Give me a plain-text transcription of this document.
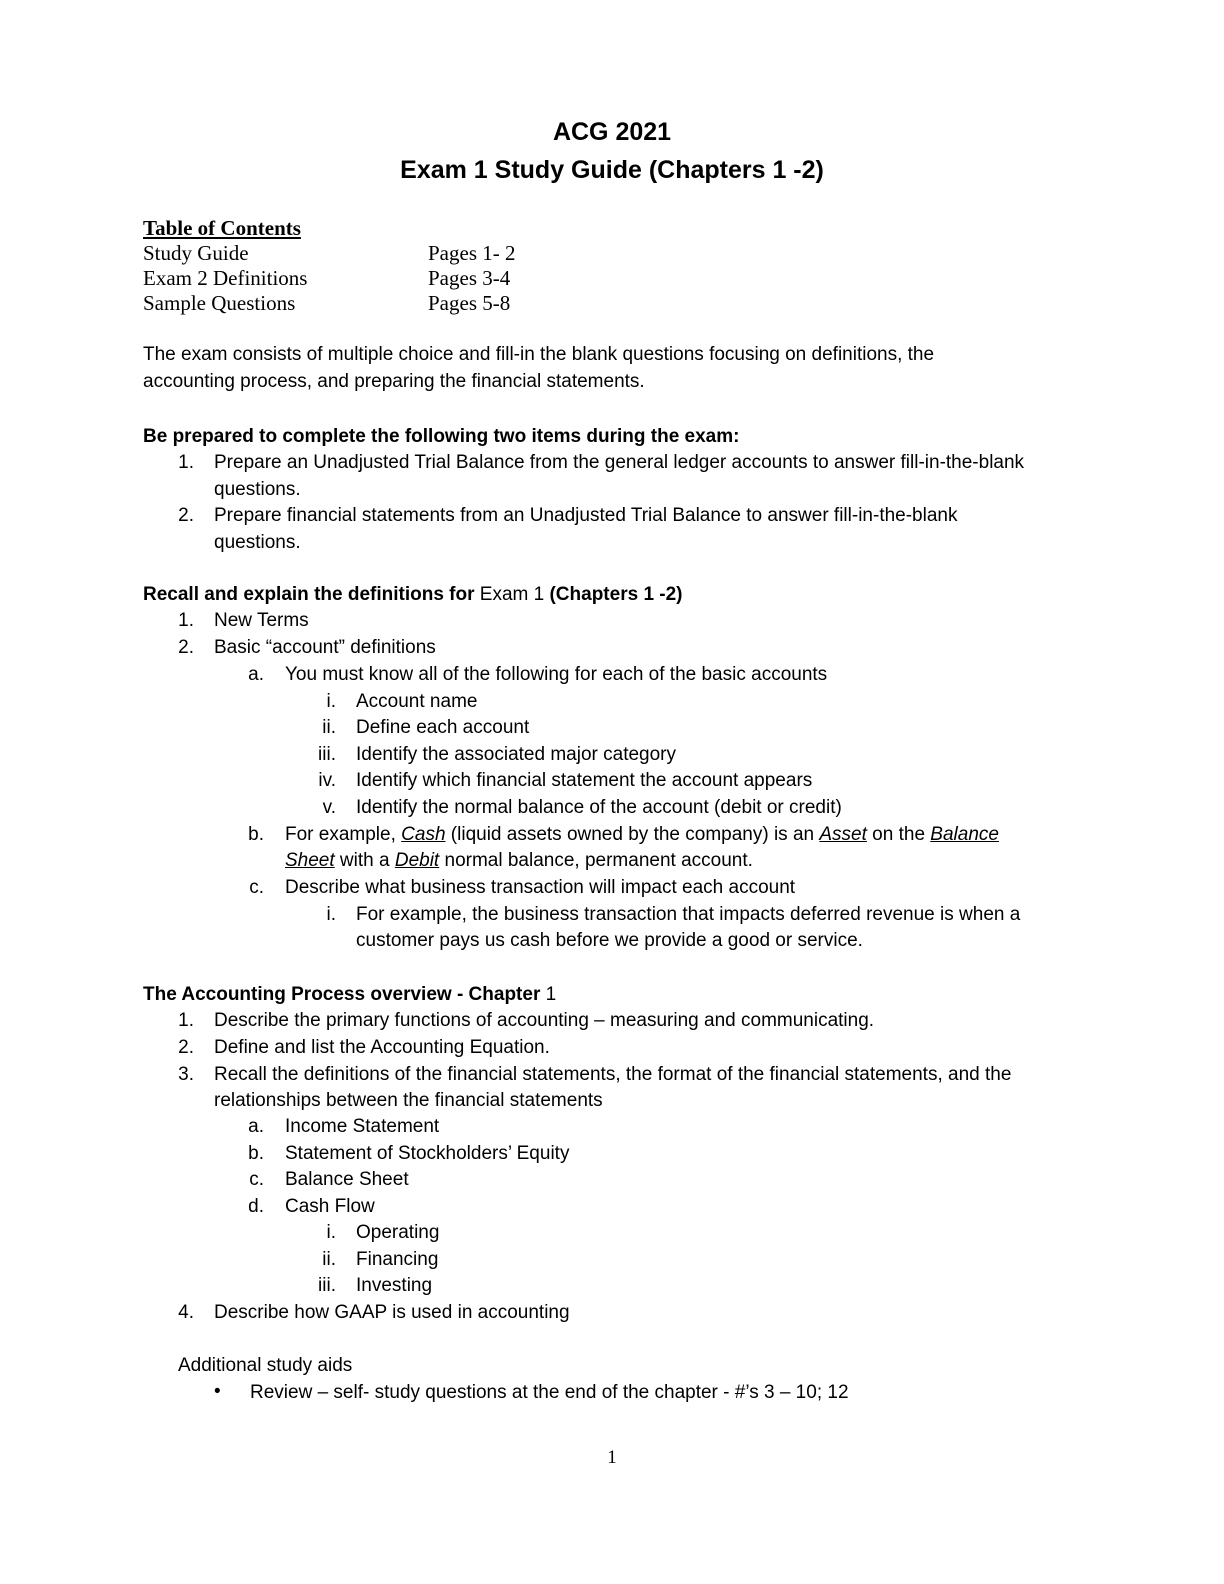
ACG 2021
Exam 1 Study Guide (Chapters 1 -2)
Table of Contents
Study Guide	Pages 1- 2
Exam 2 Definitions	Pages 3-4
Sample Questions	Pages 5-8
The exam consists of multiple choice and fill-in the blank questions focusing on definitions, the
accounting process, and preparing the financial statements.
Be prepared to complete the following two items during the exam:
1. Prepare an Unadjusted Trial Balance from the general ledger accounts to answer fill-in-the-blank
questions.
2. Prepare financial statements from an Unadjusted Trial Balance to answer fill-in-the-blank
questions.
Recall and explain the definitions for Exam 1 (Chapters 1 -2)
1. New Terms
2. Basic “account” definitions
a. You must know all of the following for each of the basic accounts
i. Account name
ii. Define each account
iii. Identify the associated major category
iv. Identify which financial statement the account appears
v. Identify the normal balance of the account (debit or credit)
b. For example, Cash (liquid assets owned by the company) is an Asset on the Balance
Sheet with a Debit normal balance, permanent account.
c. Describe what business transaction will impact each account
i. For example, the business transaction that impacts deferred revenue is when a
customer pays us cash before we provide a good or service.
The Accounting Process overview - Chapter 1
1. Describe the primary functions of accounting – measuring and communicating.
2. Define and list the Accounting Equation.
3. Recall the definitions of the financial statements, the format of the financial statements, and the
relationships between the financial statements
a. Income Statement
b. Statement of Stockholders’ Equity
c. Balance Sheet
d. Cash Flow
i. Operating
ii. Financing
iii. Investing
4. Describe how GAAP is used in accounting
Additional study aids
• Review – self- study questions at the end of the chapter - #’s 3 – 10; 12
1
